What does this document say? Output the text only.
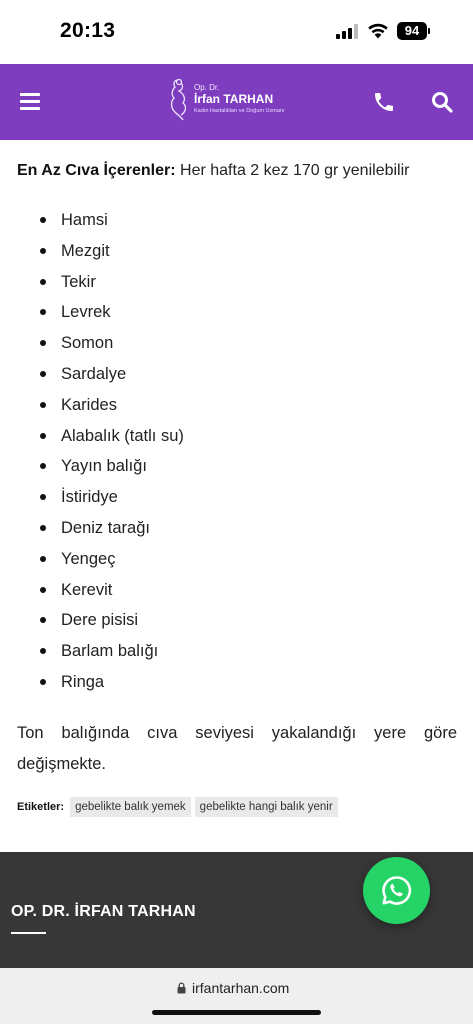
20:13	94
Op. Dr.
İrfan TARHAN
Kadın Hastalıkları ve Doğum Uzmanı
En Az Cıva İçerenler: Her hafta 2 kez 170 gr yenilebilir
Hamsi
Mezgit
Tekir
Levrek
Somon
Sardalye
Karides
Alabalık (tatlı su)
Yayın balığı
İstiridye
Deniz tarağı
Yengeç
Kerevit
Dere pisisi
Barlam balığı
Ringa

Ton balığında cıva seviyesi yakalandığı yere göre değişmekte.

Etiketler: gebelikte balık yemek	gebelikte hangi balık yenir
OP. DR. İRFAN TARHAN
irfantarhan.com
